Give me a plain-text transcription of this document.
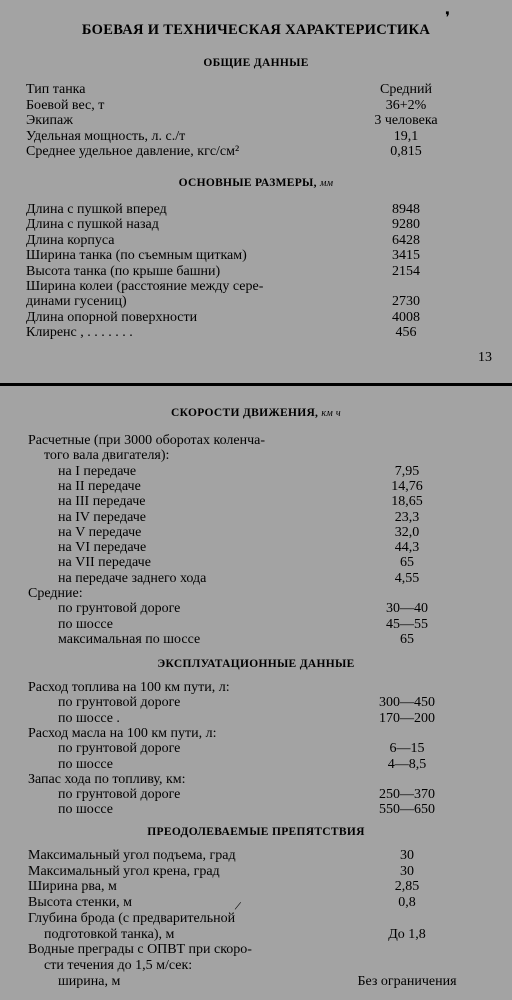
❜
БОЕВАЯ И ТЕХНИЧЕСКАЯ ХАРАКТЕРИСТИКА
ОБЩИЕ ДАННЫЕ
Тип танка	Средний
Боевой вес, т	36+2%
Экипаж	3 человека
Удельная мощность, л. с./т	19,1
Среднее удельное давление, кгс/см²	0,815
ОСНОВНЫЕ РАЗМЕРЫ, мм
Длина с пушкой вперед	8948
Длина с пушкой назад	9280
Длина корпуса	6428
Ширина танка (по съемным щиткам)	3415
Высота танка (по крыше башни)	2154
Ширина колеи (расстояние между сере-
динами гусениц)	2730
Длина опорной поверхности	4008
Клиренс , . . . . . . .	456
13
СКОРОСТИ ДВИЖЕНИЯ, км ч
Расчетные (при 3000 оборотах коленча-
того вала двигателя):
на I передаче	7,95
на II передаче	14,76
на III передаче	18,65
на IV передаче	23,3
на V передаче	32,0
на VI передаче	44,3
на VII передаче	65
на передаче заднего хода	4,55
Средние:
по грунтовой дороге	30—40
по шоссе	45—55
максимальная по шоссе	65
ЭКСПЛУАТАЦИОННЫЕ ДАННЫЕ
Расход топлива на 100 км пути, л:
по грунтовой дороге	300—450
по шоссе .	170—200
Расход масла на 100 км пути, л:
по грунтовой дороге	6—15
по шоссе	4—8,5
Запас хода по топливу, км:
по грунтовой дороге	250—370
по шоссе	550—650
ПРЕОДОЛЕВАЕМЫЕ ПРЕПЯТСТВИЯ
Максимальный угол подъема, град	30
Максимальный угол крена, град	30
Ширина рва, м	2,85
Высота стенки, м	0,8
Глубина брода (с предварительной
подготовкой танка), м	До 1,8
Водные преграды с ОПВТ при скоро-
сти течения до 1,5 м/сек:
ширина, м	Без ограничения
/
